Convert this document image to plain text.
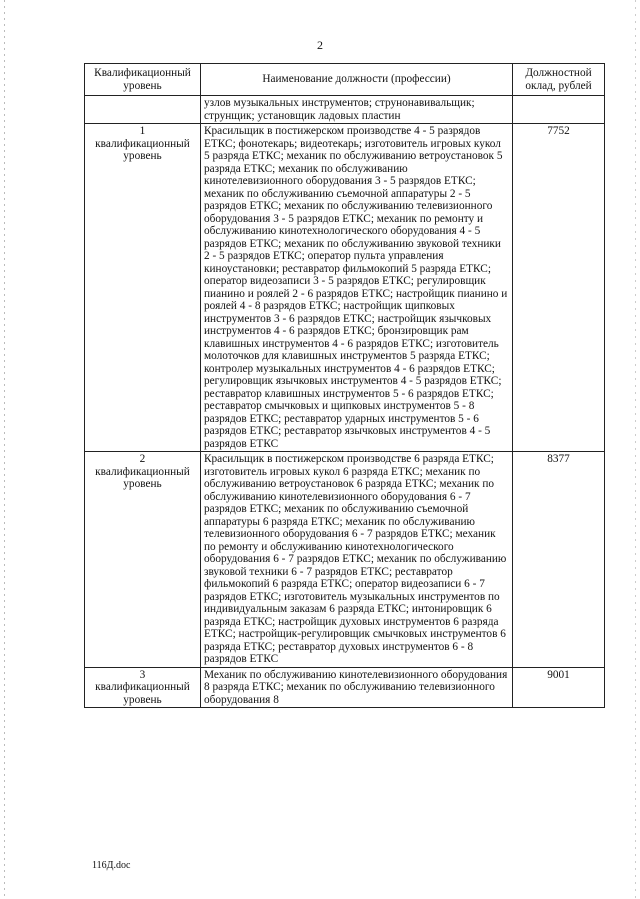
2
Квалификационный уровень	Наименование должности (профессии)	Должностной оклад, рублей
	узлов музыкальных инструментов; струнонавивальщик; струнщик; установщик ладовых пластин	

1
квалификационный уровень	Красильщик в постижерском производстве 4 - 5 разрядов ЕТКС; фонотекарь; видеотекарь; изготовитель игровых кукол 5 разряда ЕТКС; механик по обслуживанию ветроустановок 5 разряда ЕТКС; механик по обслуживанию кинотелевизионного оборудования 3 - 5 разрядов ЕТКС; механик по обслуживанию съемочной аппаратуры 2 - 5 разрядов ЕТКС; механик по обслуживанию телевизионного оборудования 3 - 5 разрядов ЕТКС; механик по ремонту и обслуживанию кинотехнологического оборудования 4 - 5 разрядов ЕТКС; механик по обслуживанию звуковой техники 2 - 5 разрядов ЕТКС; оператор пульта управления киноустановки; реставратор фильмокопий 5 разряда ЕТКС; оператор видеозаписи 3 - 5 разрядов ЕТКС; регулировщик пианино и роялей 2 - 6 разрядов ЕТКС; настройщик пианино и роялей 4 - 8 разрядов ЕТКС; настройщик щипковых инструментов 3 - 6 разрядов ЕТКС; настройщик язычковых инструментов 4 - 6 разрядов ЕТКС; бронзировщик рам клавишных инструментов 4 - 6 разрядов ЕТКС; изготовитель молоточков для клавишных инструментов 5 разряда ЕТКС; контролер музыкальных инструментов 4 - 6 разрядов ЕТКС; регулировщик язычковых инструментов 4 - 5 разрядов ЕТКС; реставратор клавишных инструментов 5 - 6 разрядов ЕТКС; реставратор смычковых и щипковых инструментов 5 - 8 разрядов ЕТКС; реставратор ударных инструментов 5 - 6 разрядов ЕТКС; реставратор язычковых инструментов 4 - 5 разрядов ЕТКС	7752

2
квалификационный уровень	Красильщик в постижерском производстве 6 разряда ЕТКС; изготовитель игровых кукол 6 разряда ЕТКС; механик по обслуживанию ветроустановок 6 разряда ЕТКС; механик по обслуживанию кинотелевизионного оборудования 6 - 7 разрядов ЕТКС; механик по обслуживанию съемочной аппаратуры 6 разряда ЕТКС; механик по обслуживанию телевизионного оборудования 6 - 7 разрядов ЕТКС; механик по ремонту и обслуживанию кинотехнологического оборудования 6 - 7 разрядов ЕТКС; механик по обслуживанию звуковой техники 6 - 7 разрядов ЕТКС; реставратор фильмокопий 6 разряда ЕТКС; оператор видеозаписи 6 - 7 разрядов ЕТКС; изготовитель музыкальных инструментов по индивидуальным заказам 6 разряда ЕТКС; интонировщик 6 разряда ЕТКС; настройщик духовых инструментов 6 разряда ЕТКС; настройщик-регулировщик смычковых инструментов 6 разряда ЕТКС; реставратор духовых инструментов 6 - 8 разрядов ЕТКС	8377

3
квалификационный уровень	Механик по обслуживанию кинотелевизионного оборудования 8 разряда ЕТКС; механик по обслуживанию телевизионного оборудования 8	9001
116Д.doc
